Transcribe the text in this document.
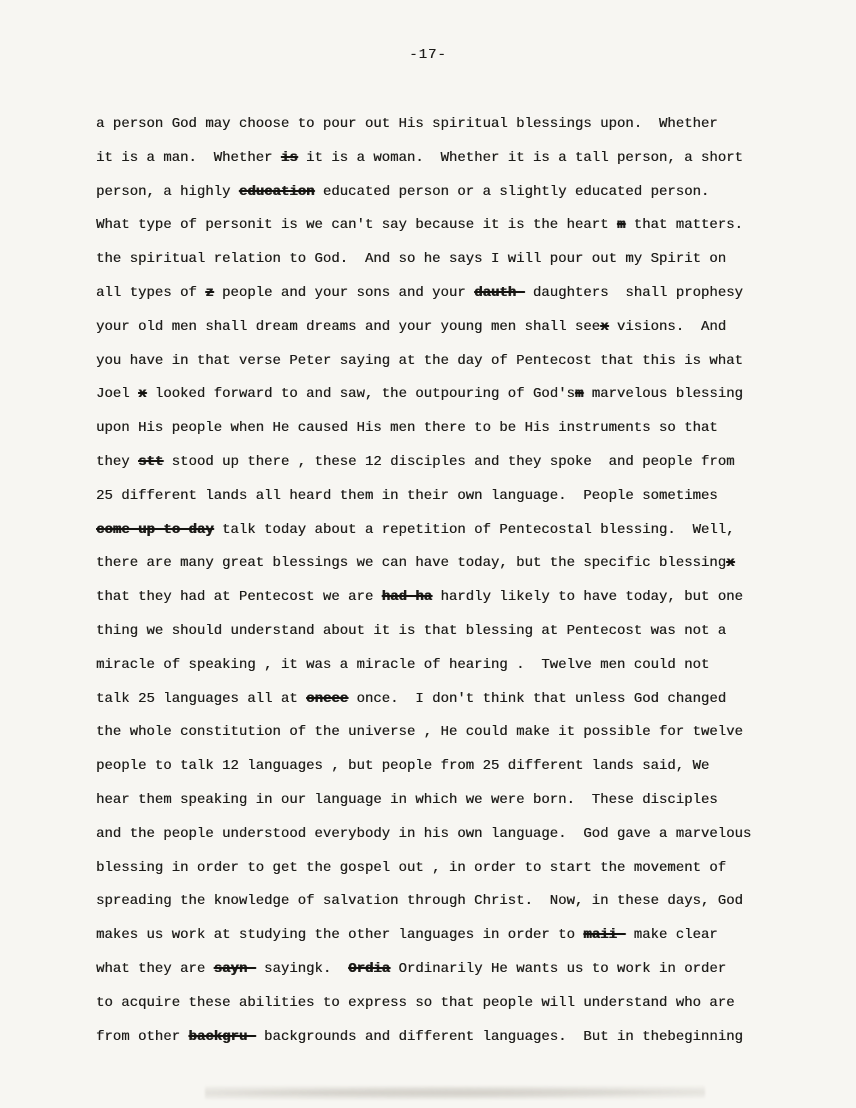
-17-
a person God may choose to pour out His spiritual blessings upon.  Whether
it is a man.  Whether is it is a woman.  Whether it is a tall person, a short
person, a highly education educated person or a slightly educated person.
What type of personit is we can't say because it is the heart m that matters.
the spiritual relation to God.  And so he says I will pour out my Spirit on
all types of z people and your sons and your dauth- daughters  shall prophesy
your old men shall dream dreams and your young men shall seex visions.  And
you have in that verse Peter saying at the day of Pentecost that this is what
Joel x looked forward to and saw, the outpouring of God'sm marvelous blessing
upon His people when He caused His men there to be His instruments so that
they stt stood up there , these 12 disciples and they spoke  and people from
25 different lands all heard them in their own language.  People sometimes
come-up-to-day talk today about a repetition of Pentecostal blessing.  Well,
there are many great blessings we can have today, but the specific blessingx
that they had at Pentecost we are had-ha hardly likely to have today, but one
thing we should understand about it is that blessing at Pentecost was not a
miracle of speaking , it was a miracle of hearing .  Twelve men could not
talk 25 languages all at oneee once.  I don't think that unless God changed
the whole constitution of the universe , He could make it possible for twelve
people to talk 12 languages , but people from 25 different lands said, We
hear them speaking in our language in which we were born.  These disciples
and the people understood everybody in his own language.  God gave a marvelous
blessing in order to get the gospel out , in order to start the movement of
spreading the knowledge of salvation through Christ.  Now, in these days, God
makes us work at studying the other languages in order to maii- make clear
what they are sayn- sayingk.  Ordia Ordinarily He wants us to work in order
to acquire these abilities to express so that people will understand who are
from other backgru- backgrounds and different languages.  But in thebeginning
